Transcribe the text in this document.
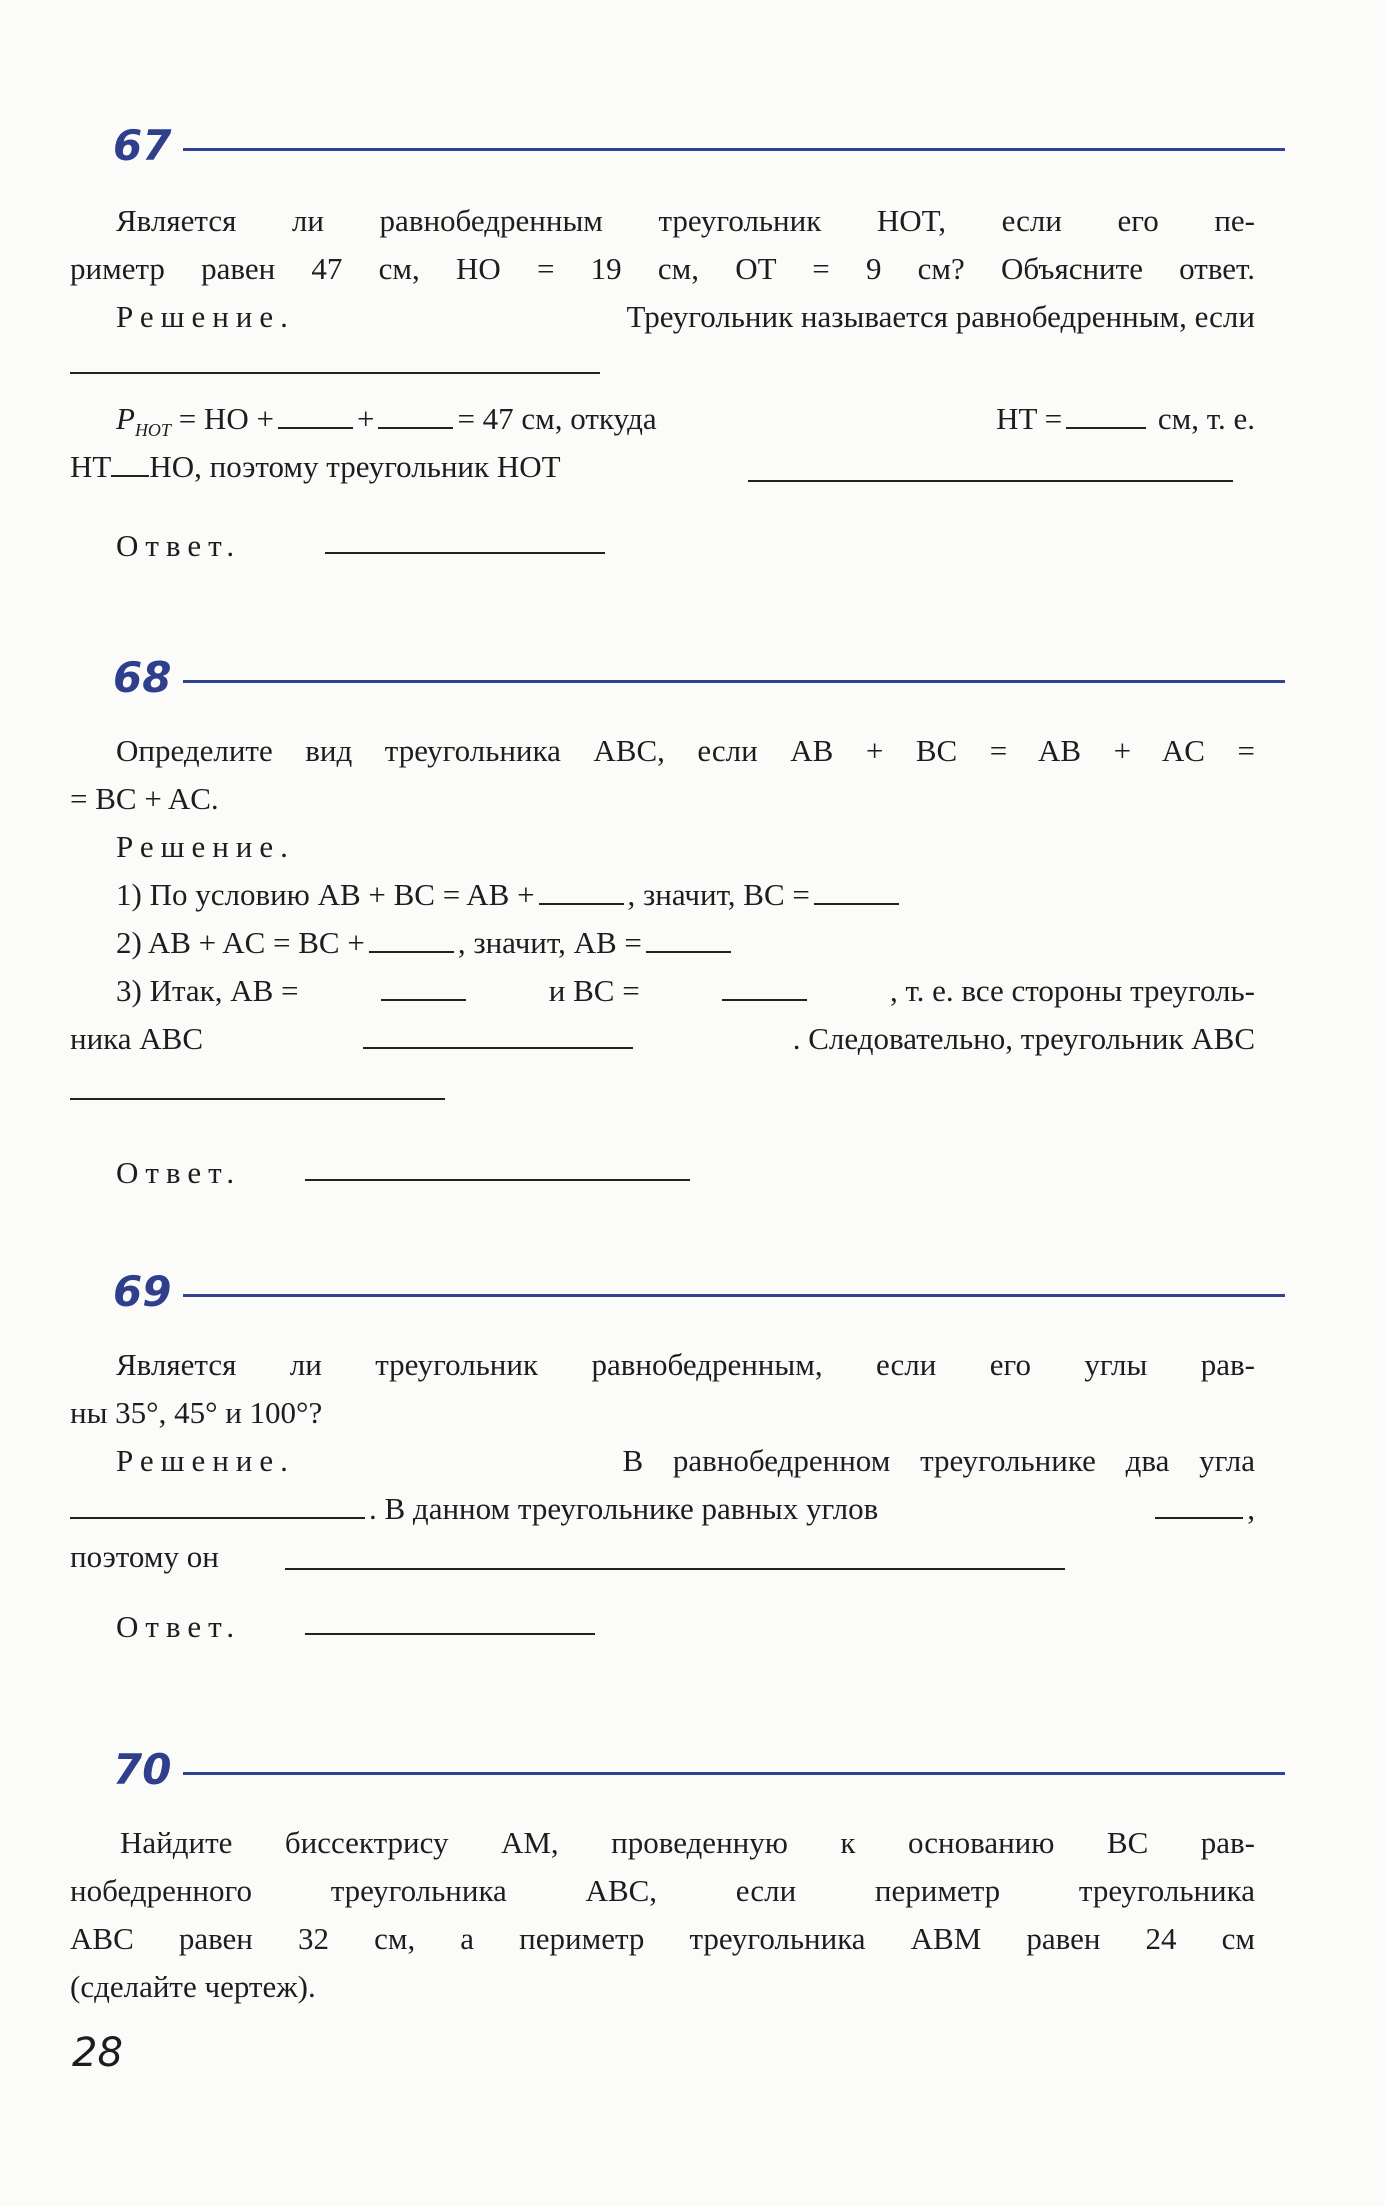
67
Является ли равнобедренным треугольник HOT, если его пе-
риметр равен 47 см, HO = 19 см, OT = 9 см? Объясните ответ.
Решение.	Треугольник называется равнобедренным, если
$P_{HOT}$ = HO +	+	= 47 см, откуда	HT =	см, т. е.
HT HO, поэтому треугольник HOT
Ответ.
68
Определите вид треугольника ABC, если AB + BC = AB + AC =
= BC + AC.
Решение.
1) По условию AB + BC = AB +	, значит, BC =
2) AB + AC = BC +	, значит, AB =
3) Итак, AB =	и BC =	, т. е. все стороны треуголь-
ника ABC	. Следовательно, треугольник ABC
Ответ.
69
Является ли треугольник равнобедренным, если его углы рав-
ны 35°, 45° и 100°?
Решение.	В равнобедренном треугольнике два угла
. В данном треугольнике равных углов	,
поэтому он
Ответ.
70
Найдите биссектрису AM, проведенную к основанию BC рав-
нобедренного треугольника ABC, если периметр треугольника
ABC равен 32 см, а периметр треугольника ABM равен 24 см
(сделайте чертеж).
28
